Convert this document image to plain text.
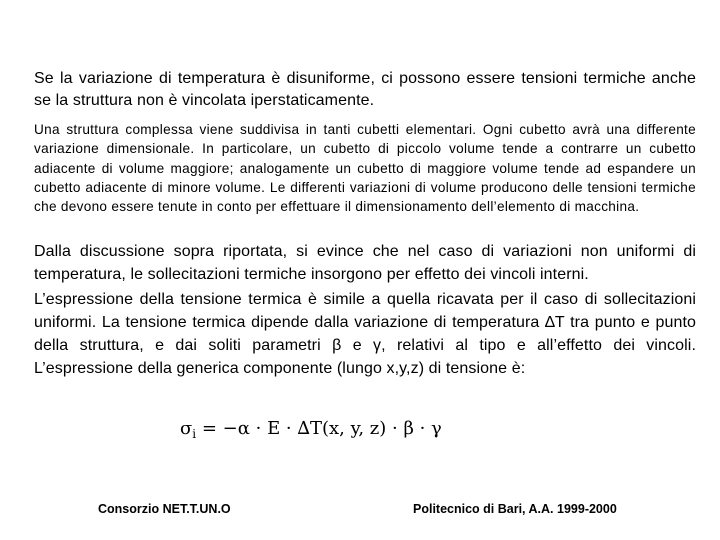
Se la variazione di temperatura è disuniforme, ci possono essere tensioni termiche anche se la struttura non è vincolata iperstaticamente.

Una struttura complessa viene suddivisa in tanti cubetti elementari. Ogni cubetto avrà una differente variazione dimensionale. In particolare, un cubetto di piccolo volume tende a contrarre un cubetto adiacente di volume maggiore; analogamente un cubetto di maggiore volume tende ad espandere un cubetto adiacente di minore volume. Le differenti variazioni di volume producono delle tensioni termiche che devono essere tenute in conto per effettuare il dimensionamento dell’elemento di macchina.

Dalla discussione sopra riportata, si evince che nel caso di variazioni non uniformi di temperatura, le sollecitazioni termiche insorgono per effetto dei vincoli interni.

L’espressione della tensione termica è simile a quella ricavata per il caso di sollecitazioni uniformi. La tensione termica dipende dalla variazione di temperatura ∆T tra punto e punto della struttura, e dai soliti parametri β e γ, relativi al tipo e all’effetto dei vincoli. L’espressione della generica componente (lungo x,y,z) di tensione è:

$\sigma_i = -\alpha \cdot E \cdot \Delta T(x$, y, z) · β · γ
Consorzio NET.T.UN.O	Politecnico di Bari, A.A. 1999-2000
